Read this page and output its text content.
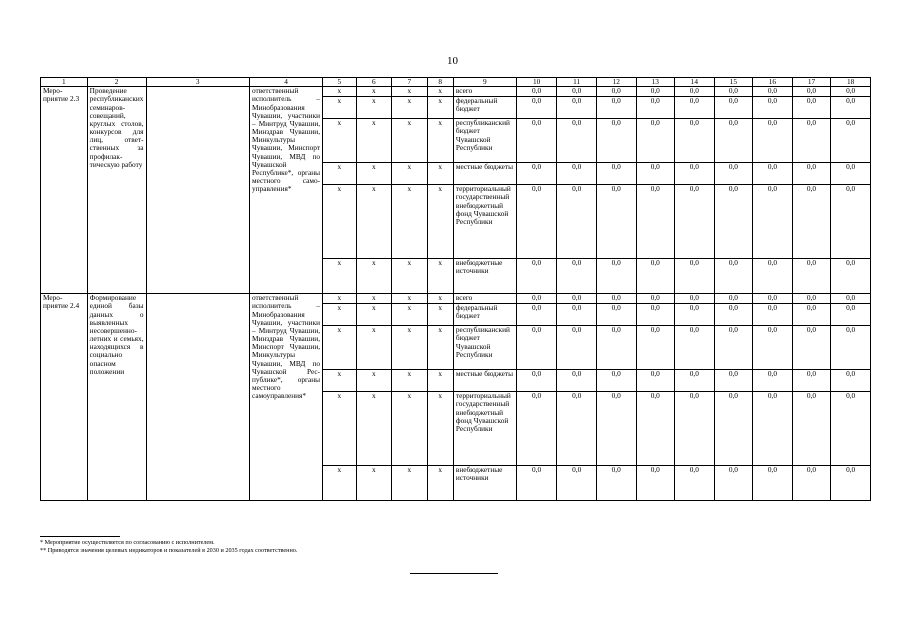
10
1	2	3	4	5	6	7	8	9	10	11	12	13	14	15	16	17	18
Мероприятие 2.3	Проведение республиканских семинаров-совещаний, круглых столов, конкурсов для лиц, ответственных за профилактическую работу		ответственный исполнитель – Минобразования Чувашии, участники – Минтруд Чувашии, Минздрав Чувашии, Минкультуры Чувашии, Минспорт Чувашии, МВД по Чувашской Республике*, органы местного самоуправления*	x	x	x	x	всего	0,0	0,0	0,0	0,0	0,0	0,0	0,0	0,0	0,0
				x	x	x	x	федеральный бюджет	0,0	0,0	0,0	0,0	0,0	0,0	0,0	0,0	0,0
				x	x	x	x	республиканский бюджет Чувашской Республики	0,0	0,0	0,0	0,0	0,0	0,0	0,0	0,0	0,0
				x	x	x	x	местные бюджеты	0,0	0,0	0,0	0,0	0,0	0,0	0,0	0,0	0,0
				x	x	x	x	территориальный государственный внебюджетный фонд Чувашской Республики	0,0	0,0	0,0	0,0	0,0	0,0	0,0	0,0	0,0
				x	x	x	x	внебюджетные источники	0,0	0,0	0,0	0,0	0,0	0,0	0,0	0,0	0,0
Мероприятие 2.4	Формирование единой базы данных о выявленных несовершеннолетних и семьях, находящихся в социально опасном положении		ответственный исполнитель – Минобразования Чувашии, участники – Минтруд Чувашии, Минздрав Чувашии, Минспорт Чувашии, Минкультуры Чувашии, МВД по Чувашской Республике*, органы местного самоуправления*	x	x	x	x	всего	0,0	0,0	0,0	0,0	0,0	0,0	0,0	0,0	0,0
				x	x	x	x	федеральный бюджет	0,0	0,0	0,0	0,0	0,0	0,0	0,0	0,0	0,0
				x	x	x	x	республиканский бюджет Чувашской Республики	0,0	0,0	0,0	0,0	0,0	0,0	0,0	0,0	0,0
				x	x	x	x	местные бюджеты	0,0	0,0	0,0	0,0	0,0	0,0	0,0	0,0	0,0
				x	x	x	x	территориальный государственный внебюджетный фонд Чувашской Республики	0,0	0,0	0,0	0,0	0,0	0,0	0,0	0,0	0,0
				x	x	x	x	внебюджетные источники	0,0	0,0	0,0	0,0	0,0	0,0	0,0	0,0	0,0
* Мероприятие осуществляется по согласованию с исполнителем.
** Приводятся значения целевых индикаторов и показателей в 2030 и 2035 годах соответственно.
